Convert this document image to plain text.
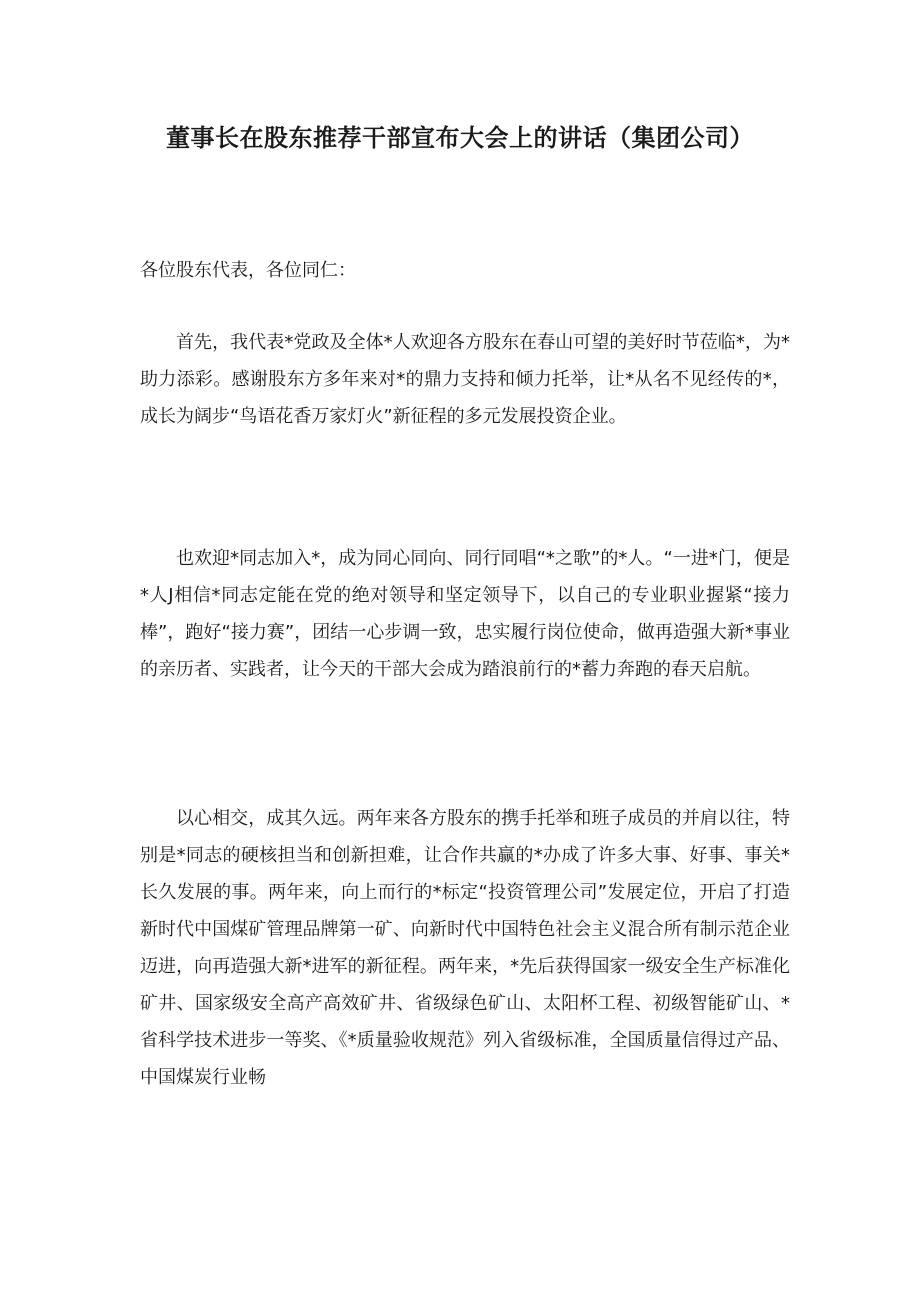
董事长在股东推荐干部宣布大会上的讲话（集团公司）

各位股东代表，各位同仁：

首先，我代表*党政及全体*人欢迎各方股东在春山可望的美好时节莅临*，为*助力添彩。感谢股东方多年来对*的鼎力支持和倾力托举，让*从名不见经传的*，成长为阔步“鸟语花香万家灯火”新征程的多元发展投资企业。

也欢迎*同志加入*，成为同心同向、同行同唱“*之歌”的*人。“一进*门，便是*人J相信*同志定能在党的绝对领导和坚定领导下，以自己的专业职业握紧“接力棒”，跑好“接力赛”，团结一心步调一致，忠实履行岗位使命，做再造强大新*事业的亲历者、实践者，让今天的干部大会成为踏浪前行的*蓄力奔跑的春天启航。

以心相交，成其久远。两年来各方股东的携手托举和班子成员的并肩以往，特别是*同志的硬核担当和创新担难，让合作共赢的*办成了许多大事、好事、事关*长久发展的事。两年来，向上而行的*标定“投资管理公司”发展定位，开启了打造新时代中国煤矿管理品牌第一矿、向新时代中国特色社会主义混合所有制示范企业迈进，向再造强大新*进军的新征程。两年来，*先后获得国家一级安全生产标准化矿井、国家级安全高产高效矿井、省级绿色矿山、太阳杯工程、初级智能矿山、*省科学技术进步一等奖、《*质量验收规范》列入省级标准，全国质量信得过产品、中国煤炭行业畅
